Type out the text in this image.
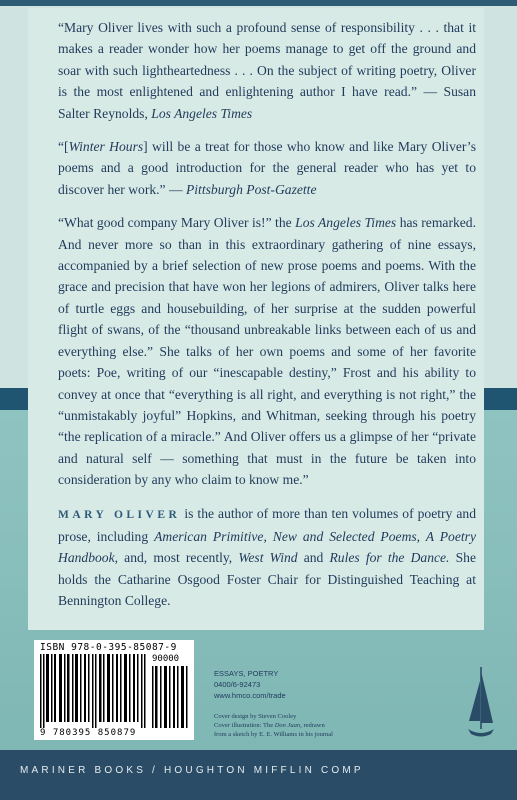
“Mary Oliver lives with such a profound sense of responsibility . . . that it makes a reader wonder how her poems manage to get off the ground and soar with such lightheartedness . . . On the subject of writing poetry, Oliver is the most enlightened and enlightening author I have read.” — Susan Salter Reynolds, Los Angeles Times

“[Winter Hours] will be a treat for those who know and like Mary Oliver’s poems and a good introduction for the general reader who has yet to discover her work.” — Pittsburgh Post-Gazette

“What good company Mary Oliver is!” the Los Angeles Times has remarked. And never more so than in this extraordinary gathering of nine essays, accompanied by a brief selection of new prose poems and poems. With the grace and precision that have won her legions of admirers, Oliver talks here of turtle eggs and housebuilding, of her surprise at the sudden powerful flight of swans, of the “thousand unbreakable links between each of us and everything else.” She talks of her own poems and some of her favorite poets: Poe, writing of our “inescapable destiny,” Frost and his ability to convey at once that “everything is all right, and everything is not right,” the “unmistakably joyful” Hopkins, and Whitman, seeking through his poetry “the replication of a miracle.” And Oliver offers us a glimpse of her “private and natural self — something that must in the future be taken into consideration by any who claim to know me.”

MARY OLIVER is the author of more than ten volumes of poetry and prose, including American Primitive, New and Selected Poems, A Poetry Handbook, and, most recently, West Wind and Rules for the Dance. She holds the Catharine Osgood Foster Chair for Distinguished Teaching at Bennington College.

ISBN 978-0-395-85087-9
90000
9 780395 850879
ESSAYS, POETRY
0400/6-92473
www.hmco.com/trade
Cover design by Steven Cooley
Cover illustration: The Don Juan, redrawn
from a sketch by E. E. Williams in his journal
MARINER BOOKS / HOUGHTON MIFFLIN COMP
